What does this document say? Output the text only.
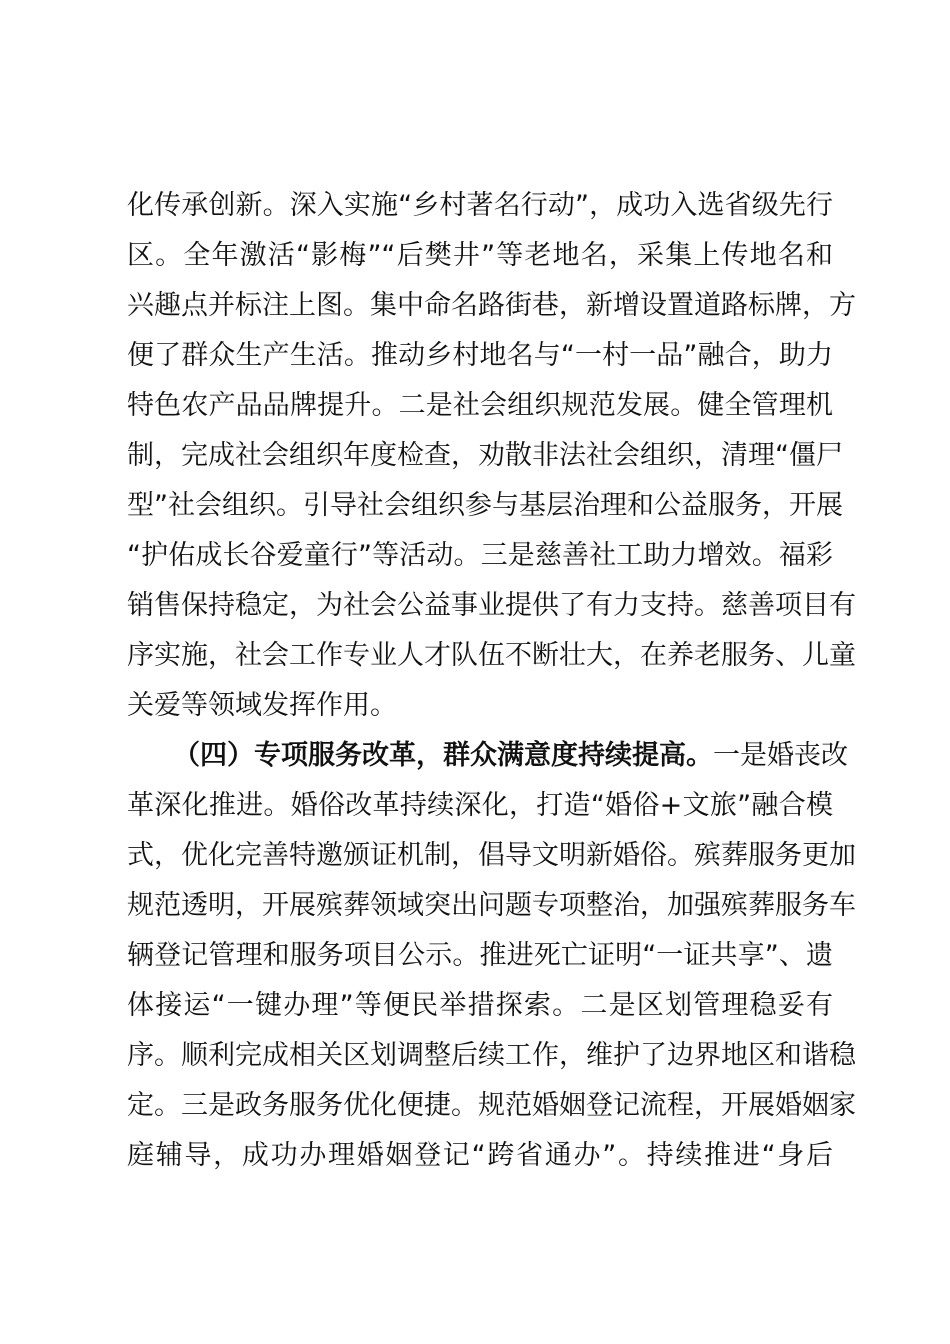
化传承创新。深入实施“乡村著名行动”，成功入选省级先行
区。全年激活“影梅”“后樊井”等老地名，采集上传地名和
兴趣点并标注上图。集中命名路街巷，新增设置道路标牌，方
便了群众生产生活。推动乡村地名与“一村一品”融合，助力
特色农产品品牌提升。二是社会组织规范发展。健全管理机
制，完成社会组织年度检查，劝散非法社会组织，清理“僵尸
型”社会组织。引导社会组织参与基层治理和公益服务，开展
“护佑成长谷爱童行”等活动。三是慈善社工助力增效。福彩
销售保持稳定，为社会公益事业提供了有力支持。慈善项目有
序实施，社会工作专业人才队伍不断壮大，在养老服务、儿童
关爱等领域发挥作用。
（四）专项服务改革，群众满意度持续提高。一是婚丧改
革深化推进。婚俗改革持续深化，打造“婚俗+文旅”融合模
式，优化完善特邀颁证机制，倡导文明新婚俗。殡葬服务更加
规范透明，开展殡葬领域突出问题专项整治，加强殡葬服务车
辆登记管理和服务项目公示。推进死亡证明“一证共享”、遗
体接运“一键办理”等便民举措探索。二是区划管理稳妥有
序。顺利完成相关区划调整后续工作，维护了边界地区和谐稳
定。三是政务服务优化便捷。规范婚姻登记流程，开展婚姻家
庭辅导，成功办理婚姻登记“跨省通办”。持续推进“身后
